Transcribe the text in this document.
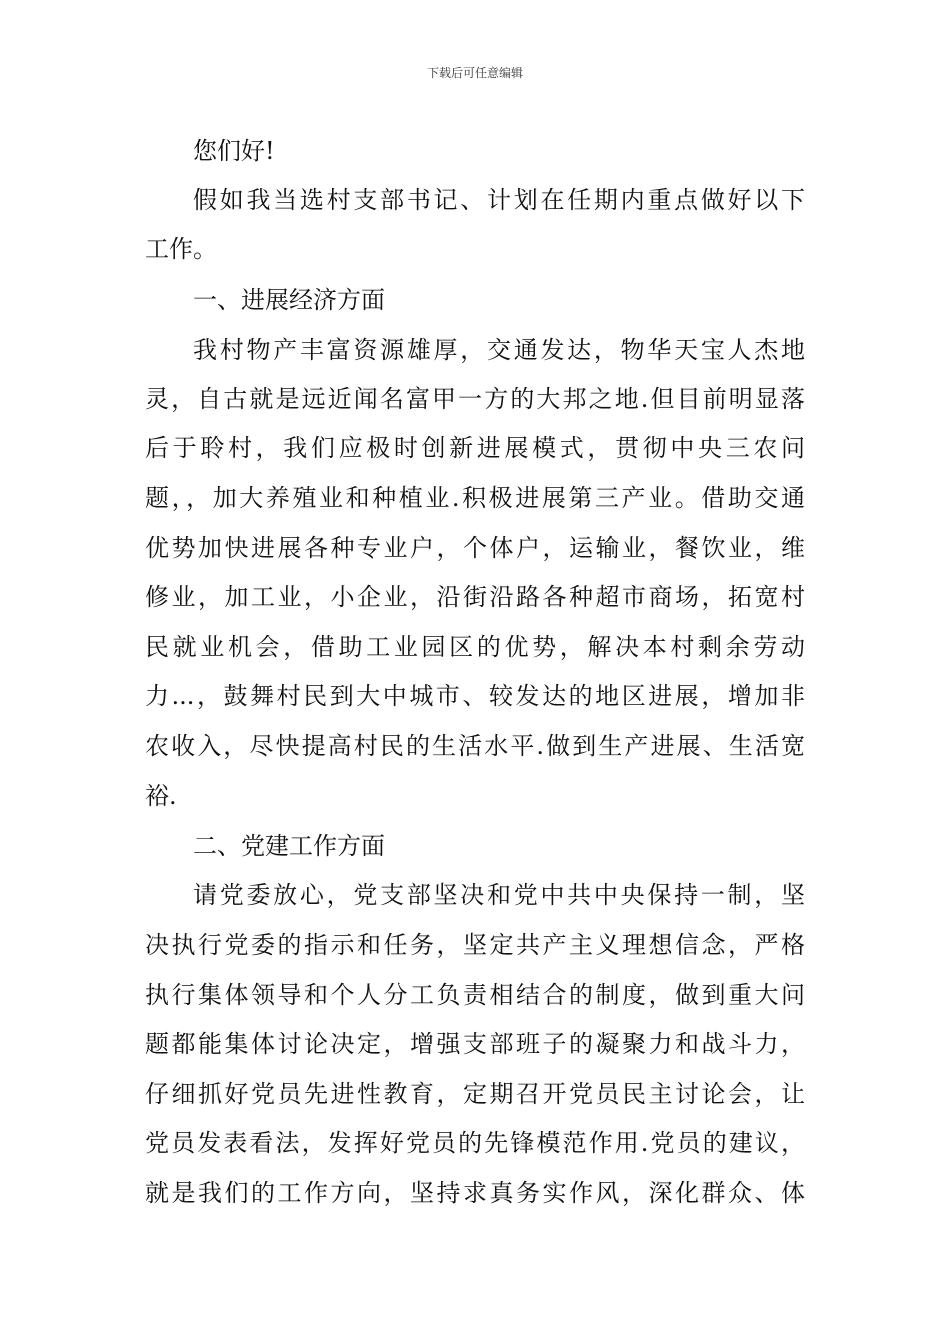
下载后可任意编辑
您们好!
假如我当选村支部书记、计划在任期内重点做好以下
工作。
一、进展经济方面
我村物产丰富资源雄厚，交通发达，物华天宝人杰地
灵，自古就是远近闻名富甲一方的大邦之地.但目前明显落
后于聆村，我们应极时创新进展模式，贯彻中央三农问
题，，加大养殖业和种植业.积极进展第三产业。借助交通
优势加快进展各种专业户，个体户，运输业，餐饮业，维
修业，加工业，小企业，沿街沿路各种超市商场，拓宽村
民就业机会，借助工业园区的优势，解决本村剩余劳动
力...，鼓舞村民到大中城市、较发达的地区进展，增加非
农收入，尽快提高村民的生活水平.做到生产进展、生活宽
裕.
二、党建工作方面
请党委放心，党支部坚决和党中共中央保持一制，坚
决执行党委的指示和任务，坚定共产主义理想信念，严格
执行集体领导和个人分工负责相结合的制度，做到重大问
题都能集体讨论决定，增强支部班子的凝聚力和战斗力，
仔细抓好党员先进性教育，定期召开党员民主讨论会，让
党员发表看法，发挥好党员的先锋模范作用.党员的建议，
就是我们的工作方向，坚持求真务实作风，深化群众、体
